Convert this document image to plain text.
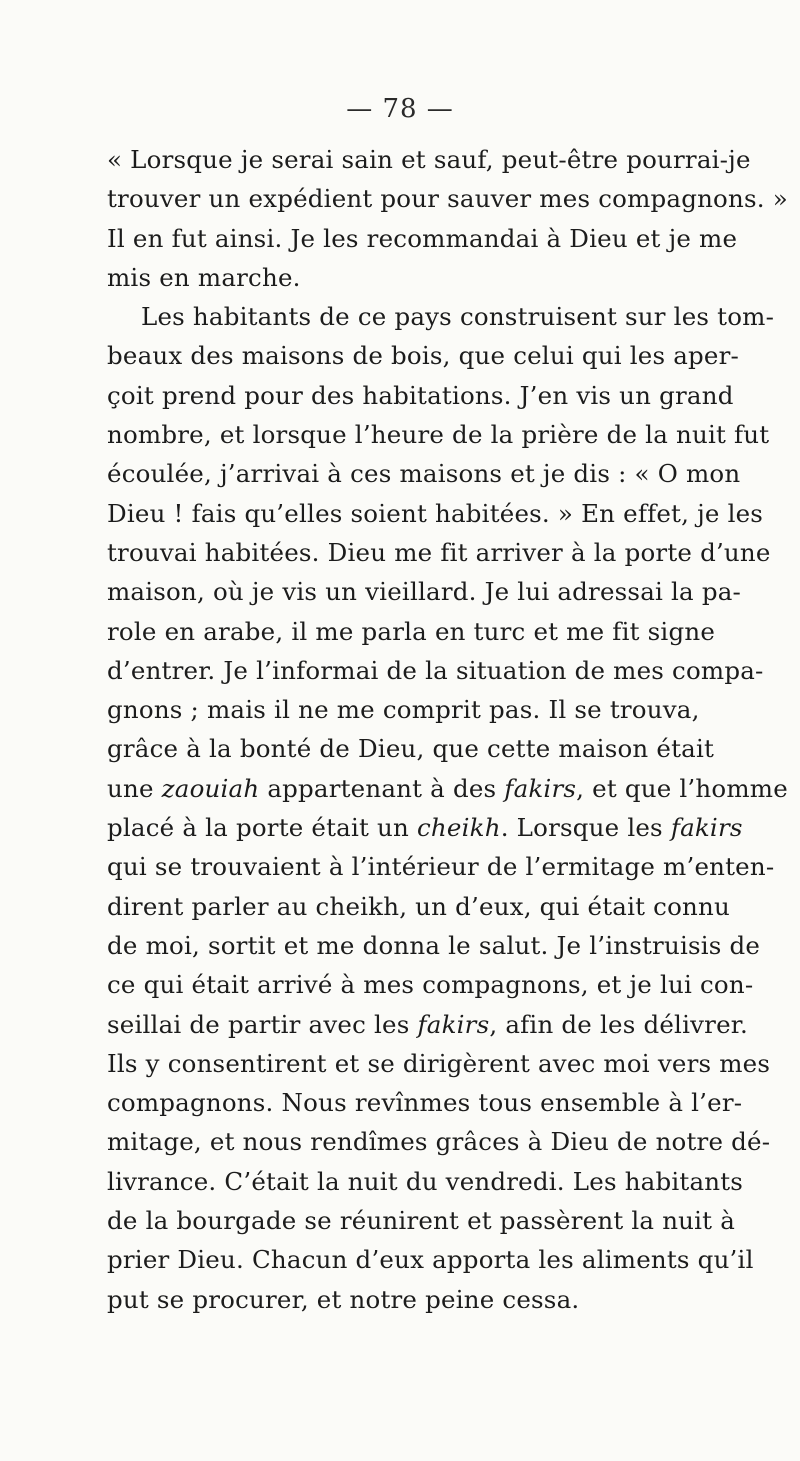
— 78 —
« Lorsque je serai sain et sauf, peut-être pourrai-je
trouver un expédient pour sauver mes compagnons. »
Il en fut ainsi. Je les recommandai à Dieu et je me
mis en marche.
Les habitants de ce pays construisent sur les tom-
beaux des maisons de bois, que celui qui les aper-
çoit prend pour des habitations. J’en vis un grand
nombre, et lorsque l’heure de la prière de la nuit fut
écoulée, j’arrivai à ces maisons et je dis : « O mon
Dieu ! fais qu’elles soient habitées. » En effet, je les
trouvai habitées. Dieu me fit arriver à la porte d’une
maison, où je vis un vieillard. Je lui adressai la pa-
role en arabe, il me parla en turc et me fit signe
d’entrer. Je l’informai de la situation de mes compa-
gnons ; mais il ne me comprit pas. Il se trouva,
grâce à la bonté de Dieu, que cette maison était
une zaouiah appartenant à des fakirs, et que l’homme
placé à la porte était un cheikh. Lorsque les fakirs
qui se trouvaient à l’intérieur de l’ermitage m’enten-
dirent parler au cheikh, un d’eux, qui était connu
de moi, sortit et me donna le salut. Je l’instruisis de
ce qui était arrivé à mes compagnons, et je lui con-
seillai de partir avec les fakirs, afin de les délivrer.
Ils y consentirent et se dirigèrent avec moi vers mes
compagnons. Nous revînmes tous ensemble à l’er-
mitage, et nous rendîmes grâces à Dieu de notre dé-
livrance. C’était la nuit du vendredi. Les habitants
de la bourgade se réunirent et passèrent la nuit à
prier Dieu. Chacun d’eux apporta les aliments qu’il
put se procurer, et notre peine cessa.
